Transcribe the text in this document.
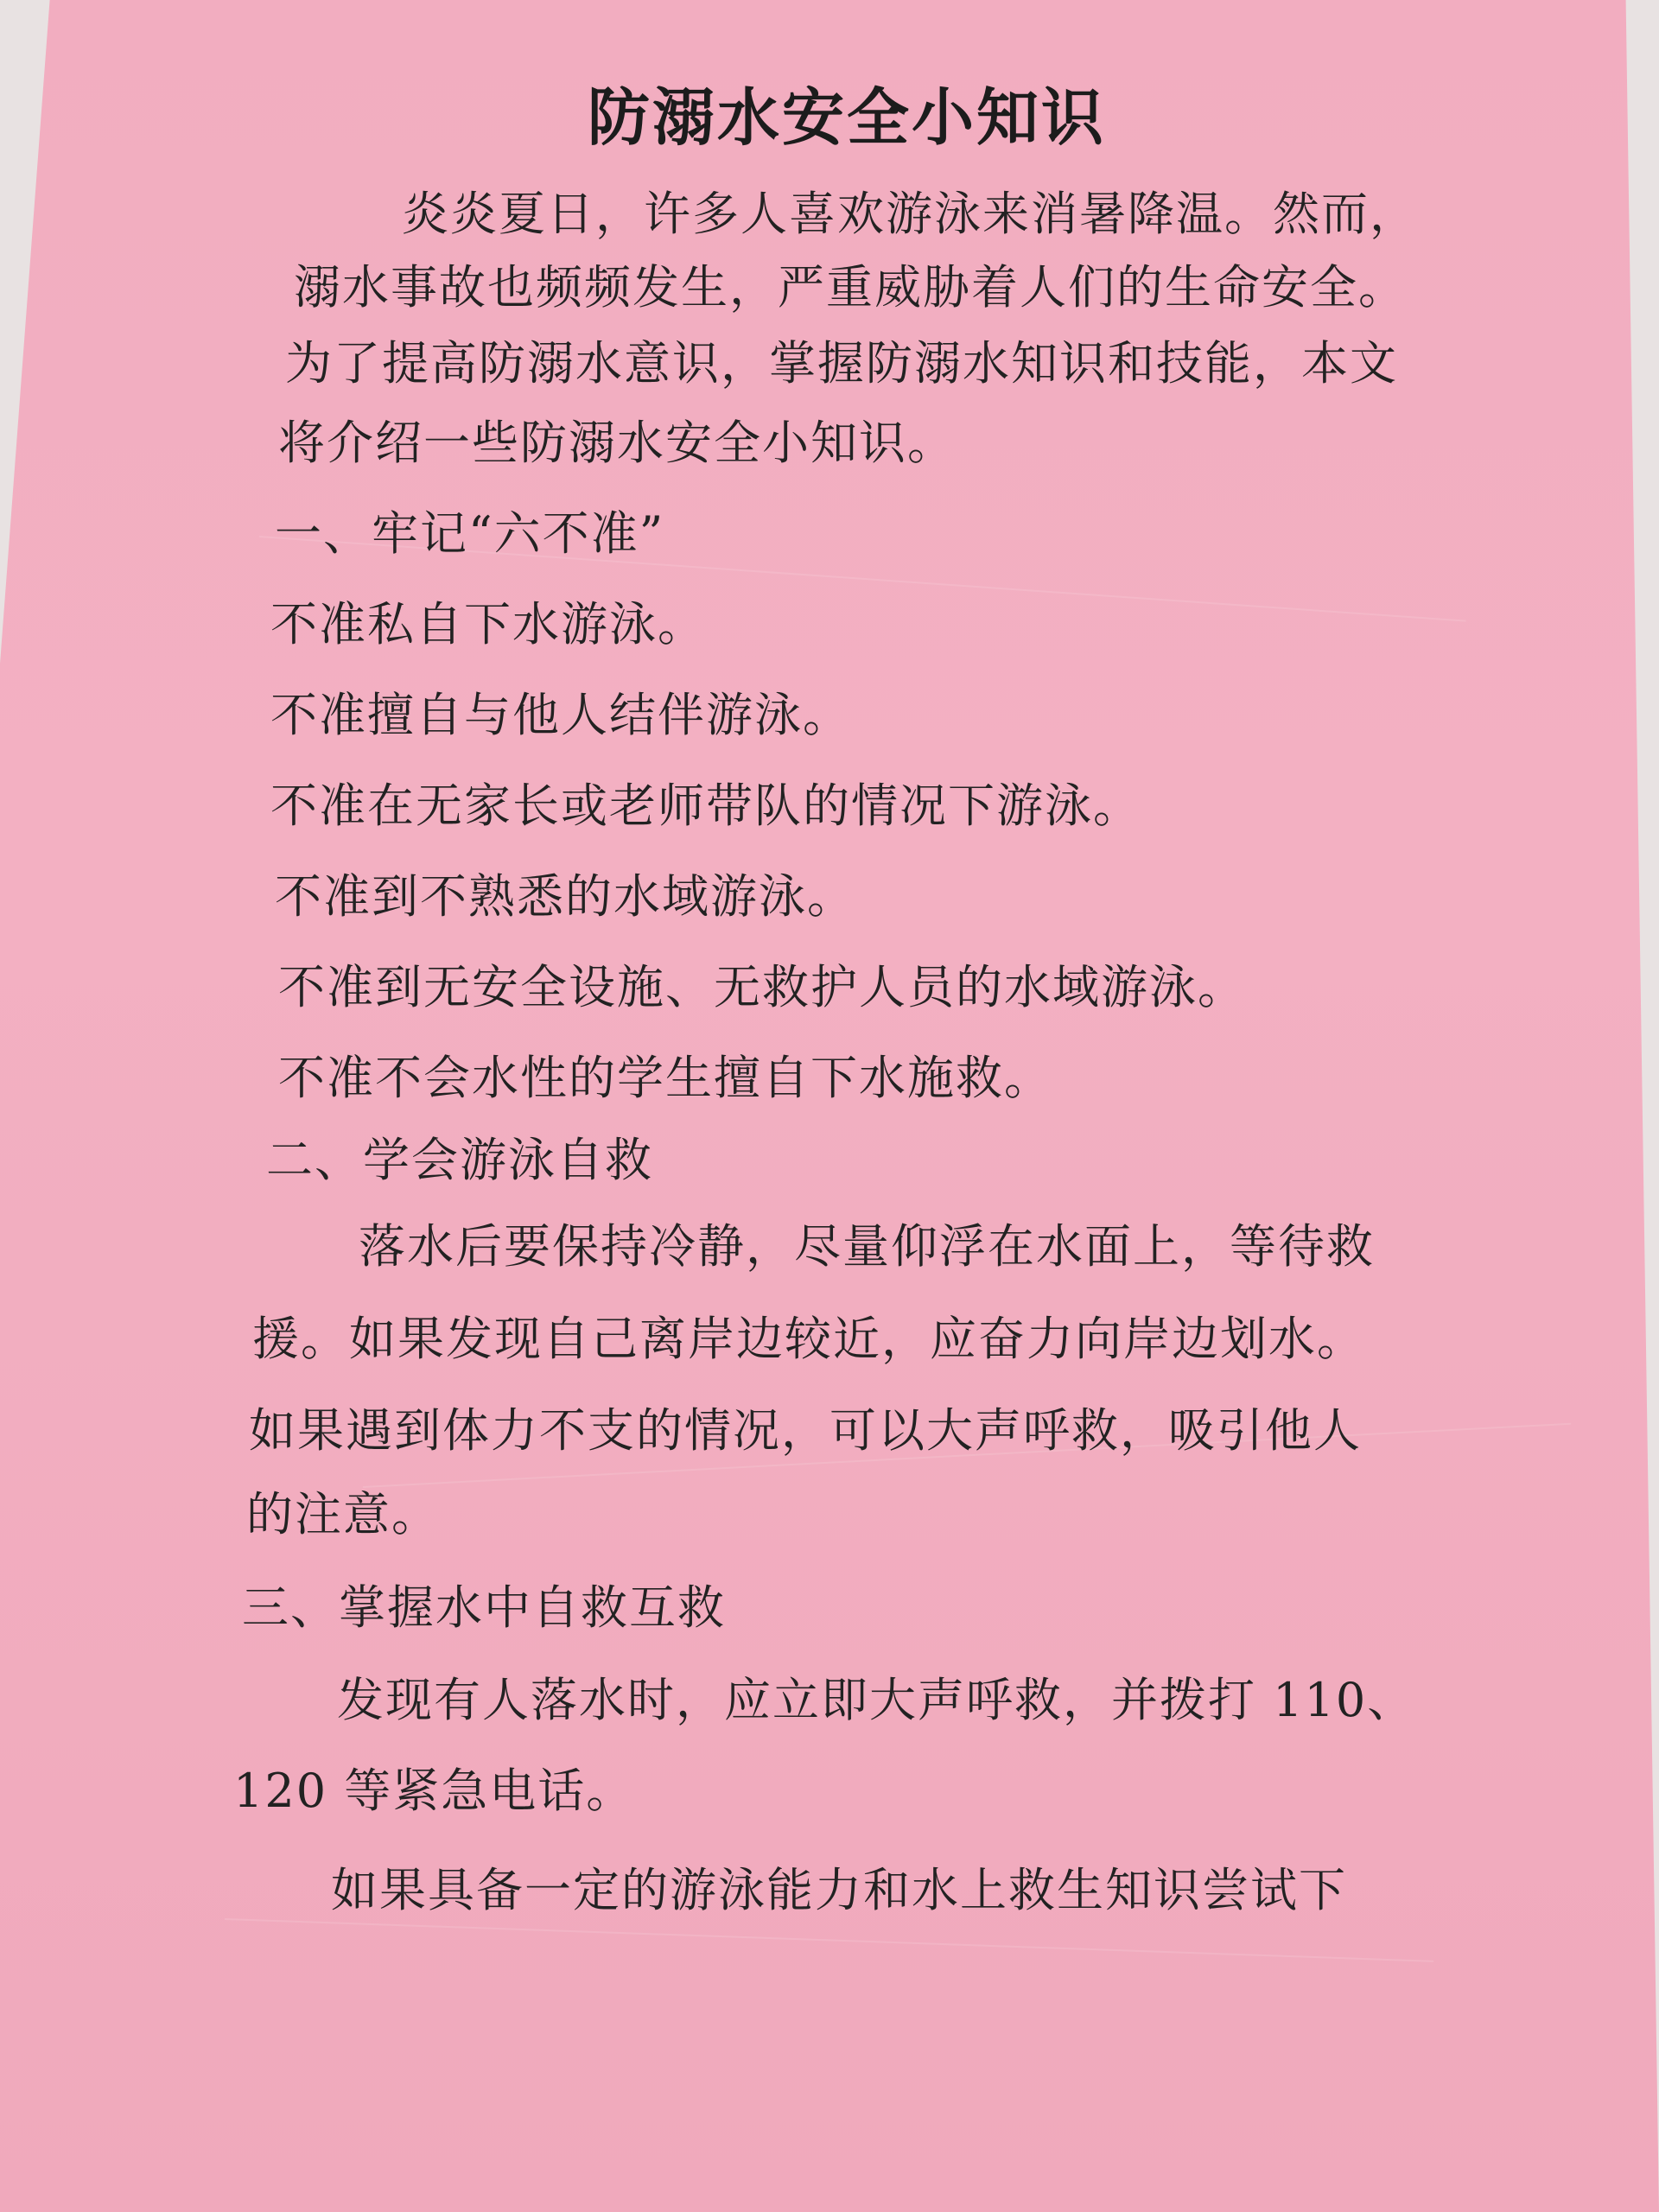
防溺水安全小知识
炎炎夏日，许多人喜欢游泳来消暑降温。然而，
溺水事故也频频发生，严重威胁着人们的生命安全。
为了提高防溺水意识，掌握防溺水知识和技能，本文
将介绍一些防溺水安全小知识。
一、牢记“六不准”
不准私自下水游泳。
不准擅自与他人结伴游泳。
不准在无家长或老师带队的情况下游泳。
不准到不熟悉的水域游泳。
不准到无安全设施、无救护人员的水域游泳。
不准不会水性的学生擅自下水施救。
二、学会游泳自救
落水后要保持冷静，尽量仰浮在水面上，等待救
援。如果发现自己离岸边较近，应奋力向岸边划水。
如果遇到体力不支的情况，可以大声呼救，吸引他人
的注意。
三、掌握水中自救互救
发现有人落水时，应立即大声呼救，并拨打 110、
120 等紧急电话。
如果具备一定的游泳能力和水上救生知识尝试下
